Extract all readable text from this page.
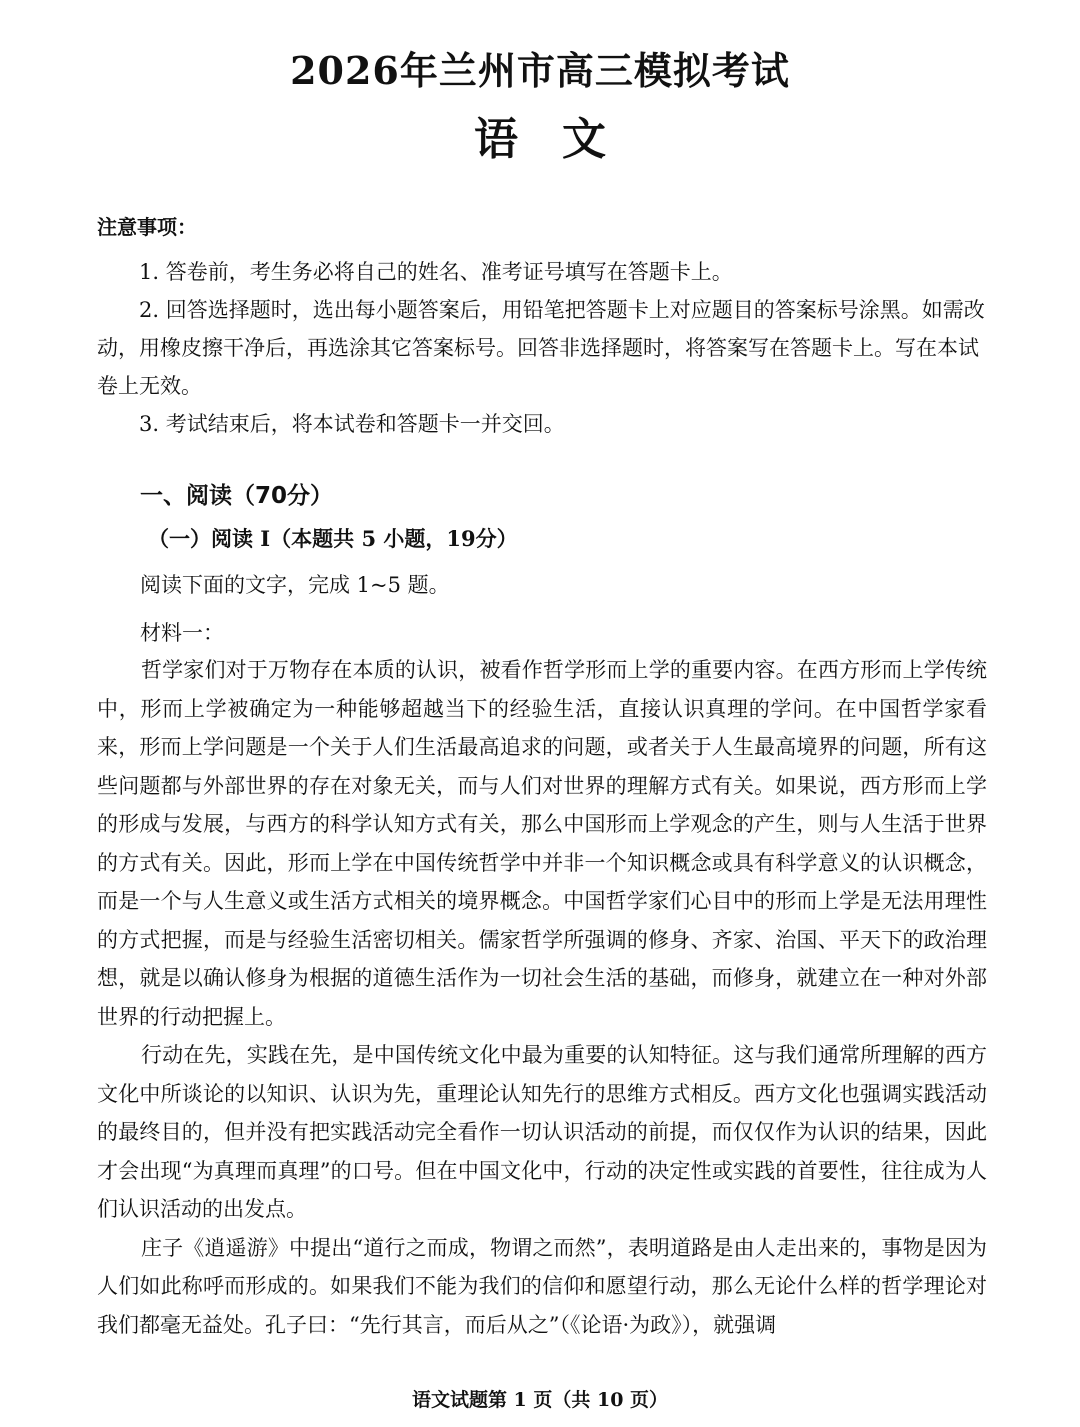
2026年兰州市高三模拟考试
语文
注意事项：

1. 答卷前，考生务必将自己的姓名、准考证号填写在答题卡上。

2. 回答选择题时，选出每小题答案后，用铅笔把答题卡上对应题目的答案标号涂黑。如需改动，用橡皮擦干净后，再选涂其它答案标号。回答非选择题时，将答案写在答题卡上。写在本试卷上无效。

3. 考试结束后，将本试卷和答题卡一并交回。

一、阅读（70分）
（一）阅读 I（本题共 5 小题，19分）
阅读下面的文字，完成 1~5 题。
材料一：

哲学家们对于万物存在本质的认识，被看作哲学形而上学的重要内容。在西方形而上学传统中，形而上学被确定为一种能够超越当下的经验生活，直接认识真理的学问。在中国哲学家看来，形而上学问题是一个关于人们生活最高追求的问题，或者关于人生最高境界的问题，所有这些问题都与外部世界的存在对象无关，而与人们对世界的理解方式有关。如果说，西方形而上学的形成与发展，与西方的科学认知方式有关，那么中国形而上学观念的产生，则与人生活于世界的方式有关。因此，形而上学在中国传统哲学中并非一个知识概念或具有科学意义的认识概念，而是一个与人生意义或生活方式相关的境界概念。中国哲学家们心目中的形而上学是无法用理性的方式把握，而是与经验生活密切相关。儒家哲学所强调的修身、齐家、治国、平天下的政治理想，就是以确认修身为根据的道德生活作为一切社会生活的基础，而修身，就建立在一种对外部世界的行动把握上。

行动在先，实践在先，是中国传统文化中最为重要的认知特征。这与我们通常所理解的西方文化中所谈论的以知识、认识为先，重理论认知先行的思维方式相反。西方文化也强调实践活动的最终目的，但并没有把实践活动完全看作一切认识活动的前提，而仅仅作为认识的结果，因此才会出现“为真理而真理”的口号。但在中国文化中，行动的决定性或实践的首要性，往往成为人们认识活动的出发点。

庄子《逍遥游》中提出“道行之而成，物谓之而然”，表明道路是由人走出来的，事物是因为人们如此称呼而形成的。如果我们不能为我们的信仰和愿望行动，那么无论什么样的哲学理论对我们都毫无益处。孔子曰：“先行其言，而后从之”（《论语·为政》），就强调

语文试题第 1 页（共 10 页）
